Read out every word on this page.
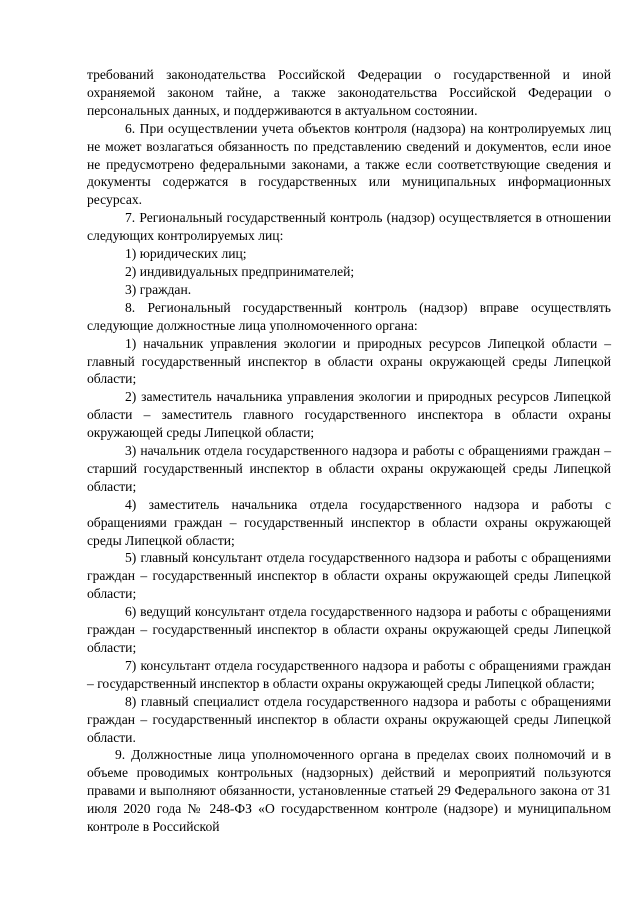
требований законодательства Российской Федерации о государственной и иной охраняемой законом тайне, а также законодательства Российской Федерации о персональных данных, и поддерживаются в актуальном состоянии.

6. При осуществлении учета объектов контроля (надзора) на контролируемых лиц не может возлагаться обязанность по представлению сведений и документов, если иное не предусмотрено федеральными законами, а также если соответствующие сведения и документы содержатся в государственных или муниципальных информационных ресурсах.

7. Региональный государственный контроль (надзор) осуществляется в отношении следующих контролируемых лиц:

1) юридических лиц;

2) индивидуальных предпринимателей;

3) граждан.

8. Региональный государственный контроль (надзор) вправе осуществлять следующие должностные лица уполномоченного органа:

1) начальник управления экологии и природных ресурсов Липецкой области – главный государственный инспектор в области охраны окружающей среды Липецкой области;

2) заместитель начальника управления экологии и природных ресурсов Липецкой области – заместитель главного государственного инспектора в области охраны окружающей среды Липецкой области;

3) начальник отдела государственного надзора и работы с обращениями граждан – старший государственный инспектор в области охраны окружающей среды Липецкой области;

4) заместитель начальника отдела государственного надзора и работы с обращениями граждан – государственный инспектор в области охраны окружающей среды Липецкой области;

5) главный консультант отдела государственного надзора и работы с обращениями граждан – государственный инспектор в области охраны окружающей среды Липецкой области;

6) ведущий консультант отдела государственного надзора и работы с обращениями граждан – государственный инспектор в области охраны окружающей среды Липецкой области;

7) консультант отдела государственного надзора и работы с обращениями граждан – государственный инспектор в области охраны окружающей среды Липецкой области;

8) главный специалист отдела государственного надзора и работы с обращениями граждан – государственный инспектор в области охраны окружающей среды Липецкой области.

9. Должностные лица уполномоченного органа в пределах своих полномочий и в объеме проводимых контрольных (надзорных) действий и мероприятий пользуются правами и выполняют обязанности, установленные статьей 29 Федерального закона от 31 июля 2020 года № 248-ФЗ «О государственном контроле (надзоре) и муниципальном контроле в Российской
